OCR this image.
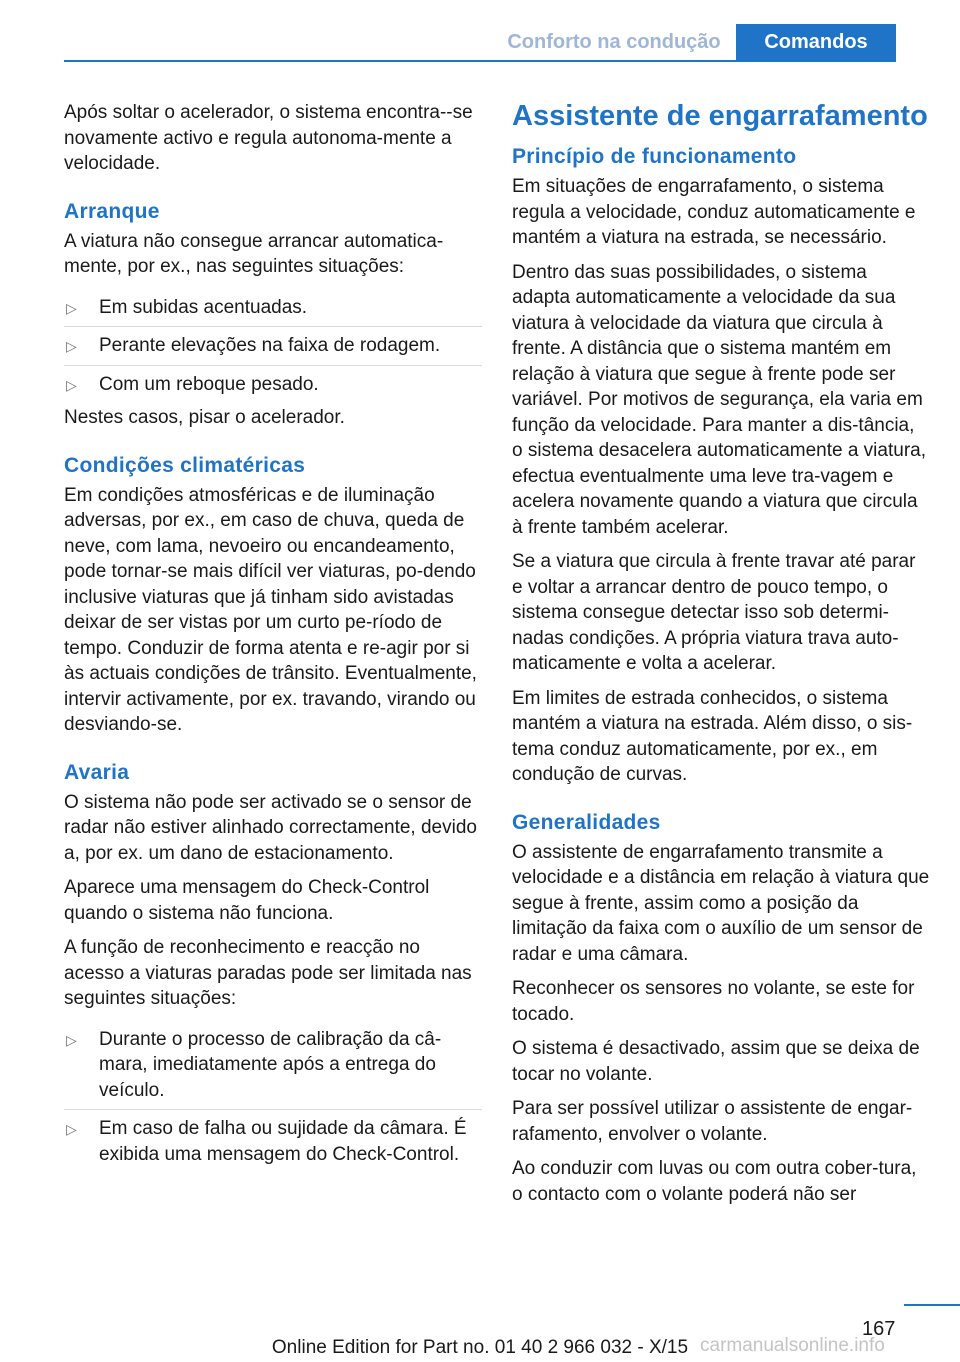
Conforto na condução	Comandos

Após soltar o acelerador, o sistema encontra--se novamente activo e regula autonoma-mente a velocidade.

Arranque

A viatura não consegue arrancar automatica-mente, por ex., nas seguintes situações:

▷ Em subidas acentuadas.
▷ Perante elevações na faixa de rodagem.
▷ Com um reboque pesado.

Nestes casos, pisar o acelerador.

Condições climatéricas

Em condições atmosféricas e de iluminação adversas, por ex., em caso de chuva, queda de neve, com lama, nevoeiro ou encandeamento, pode tornar-se mais difícil ver viaturas, po-dendo inclusive viaturas que já tinham sido avistadas deixar de ser vistas por um curto pe-ríodo de tempo. Conduzir de forma atenta e re-agir por si às actuais condições de trânsito. Eventualmente, intervir activamente, por ex. travando, virando ou desviando-se.

Avaria

O sistema não pode ser activado se o sensor de radar não estiver alinhado correctamente, devido a, por ex. um dano de estacionamento.

Aparece uma mensagem do Check-Control quando o sistema não funciona.

A função de reconhecimento e reacção no acesso a viaturas paradas pode ser limitada nas seguintes situações:

▷ Durante o processo de calibração da câ-mara, imediatamente após a entrega do veículo.
▷ Em caso de falha ou sujidade da câmara. É exibida uma mensagem do Check-Control.
Assistente de engarrafamento
Princípio de funcionamento

Em situações de engarrafamento, o sistema regula a velocidade, conduz automaticamente e mantém a viatura na estrada, se necessário.

Dentro das suas possibilidades, o sistema adapta automaticamente a velocidade da sua viatura à velocidade da viatura que circula à frente. A distância que o sistema mantém em relação à viatura que segue à frente pode ser variável. Por motivos de segurança, ela varia em função da velocidade. Para manter a dis-tância, o sistema desacelera automaticamente a viatura, efectua eventualmente uma leve tra-vagem e acelera novamente quando a viatura que circula à frente também acelerar.

Se a viatura que circula à frente travar até parar e voltar a arrancar dentro de pouco tempo, o sistema consegue detectar isso sob determi-nadas condições. A própria viatura trava auto-maticamente e volta a acelerar.

Em limites de estrada conhecidos, o sistema mantém a viatura na estrada. Além disso, o sis-tema conduz automaticamente, por ex., em condução de curvas.

Generalidades

O assistente de engarrafamento transmite a velocidade e a distância em relação à viatura que segue à frente, assim como a posição da limitação da faixa com o auxílio de um sensor de radar e uma câmara.

Reconhecer os sensores no volante, se este for tocado.

O sistema é desactivado, assim que se deixa de tocar no volante.

Para ser possível utilizar o assistente de engar-rafamento, envolver o volante.

Ao conduzir com luvas ou com outra cober-tura, o contacto com o volante poderá não ser

167
carmanualsonline.info
Online Edition for Part no. 01 40 2 966 032 - X/15
